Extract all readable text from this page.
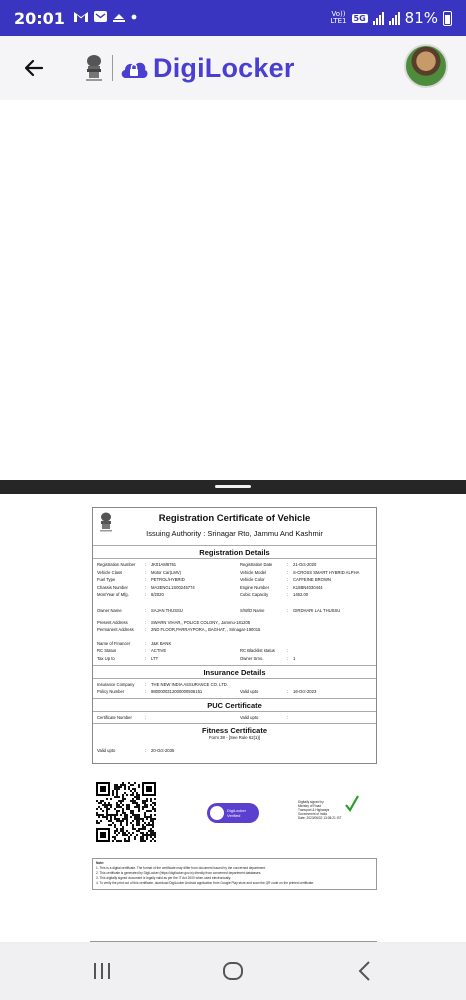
20:01	Vo))
LTE1 5G	81%
DigiLocker
Registration Certificate of Vehicle
Issuing Authority : Srinagar Rto, Jammu And Kashmir
Registration Details
Registration Number	:	JK01AM6761	Registration Date	:	21-Oct-2020
Vehicle Class	:	Motor Car(LMV)	Vehicle Model	:	S-CROSS SMART HYBRID ALPHA
Fuel Type	:	PETROL/HYBRID	Vehicle Color	:	CAFFEINE BROWN
Chassis Number	:	MA3ENGL1S00245774	Engine Number	:	K15BN4030444
Mon/Year of Mfg.	:	8/2020	Cubic Capacity	:	1462.00
Owner Name	:	SAJAN THUSSU	S/W/D Name	:	GIRDHARI LAL THUSSU
Present Address	:	SWARN VIHAR,, POLICE COLONY,, Jammu-181205
Permanent Address	:	2ND FLOOR,PARRAYPORA,, BAGHAT, , Srinagar-190015
Name of Financer	:	J&K BANK
RC Status	:	ACTIVE	RC Blacklist status	:
Tax Up to	:	LTT	Owner Srno.	:	1
Insurance Details
Insurance Company	:	THE NEW INDIA ASSURANCE CO. LTD.
Policy Number	:	9800000312000000506151	Valid upto	:	16-Oct-2023
PUC Certificate
Certificate Number	:	Valid upto	:
Fitness Certificate
Form 38 - [See Rule 62(1)]
Valid upto	:	20-Oct-2035
DigiLocker
Verified
Digitally signed by
Ministry of Road
Transport & Highways
Government of India
Date: 2023/06/02 13:08:21 IST
Note:
1. This is a digital certificate. The format of the certificate may differ from document issued by the concerned department.
2. This certificate is generated by DigiLocker (https://digilocker.gov.in) directly from concerned department databases.
3. This digitally signed document is legally valid as per the IT Act 2000 when used electronically.
4. To verify the print out of this certificate, download DigiLocker Android application from Google Play store and scan the QR code on the printed certificate.
